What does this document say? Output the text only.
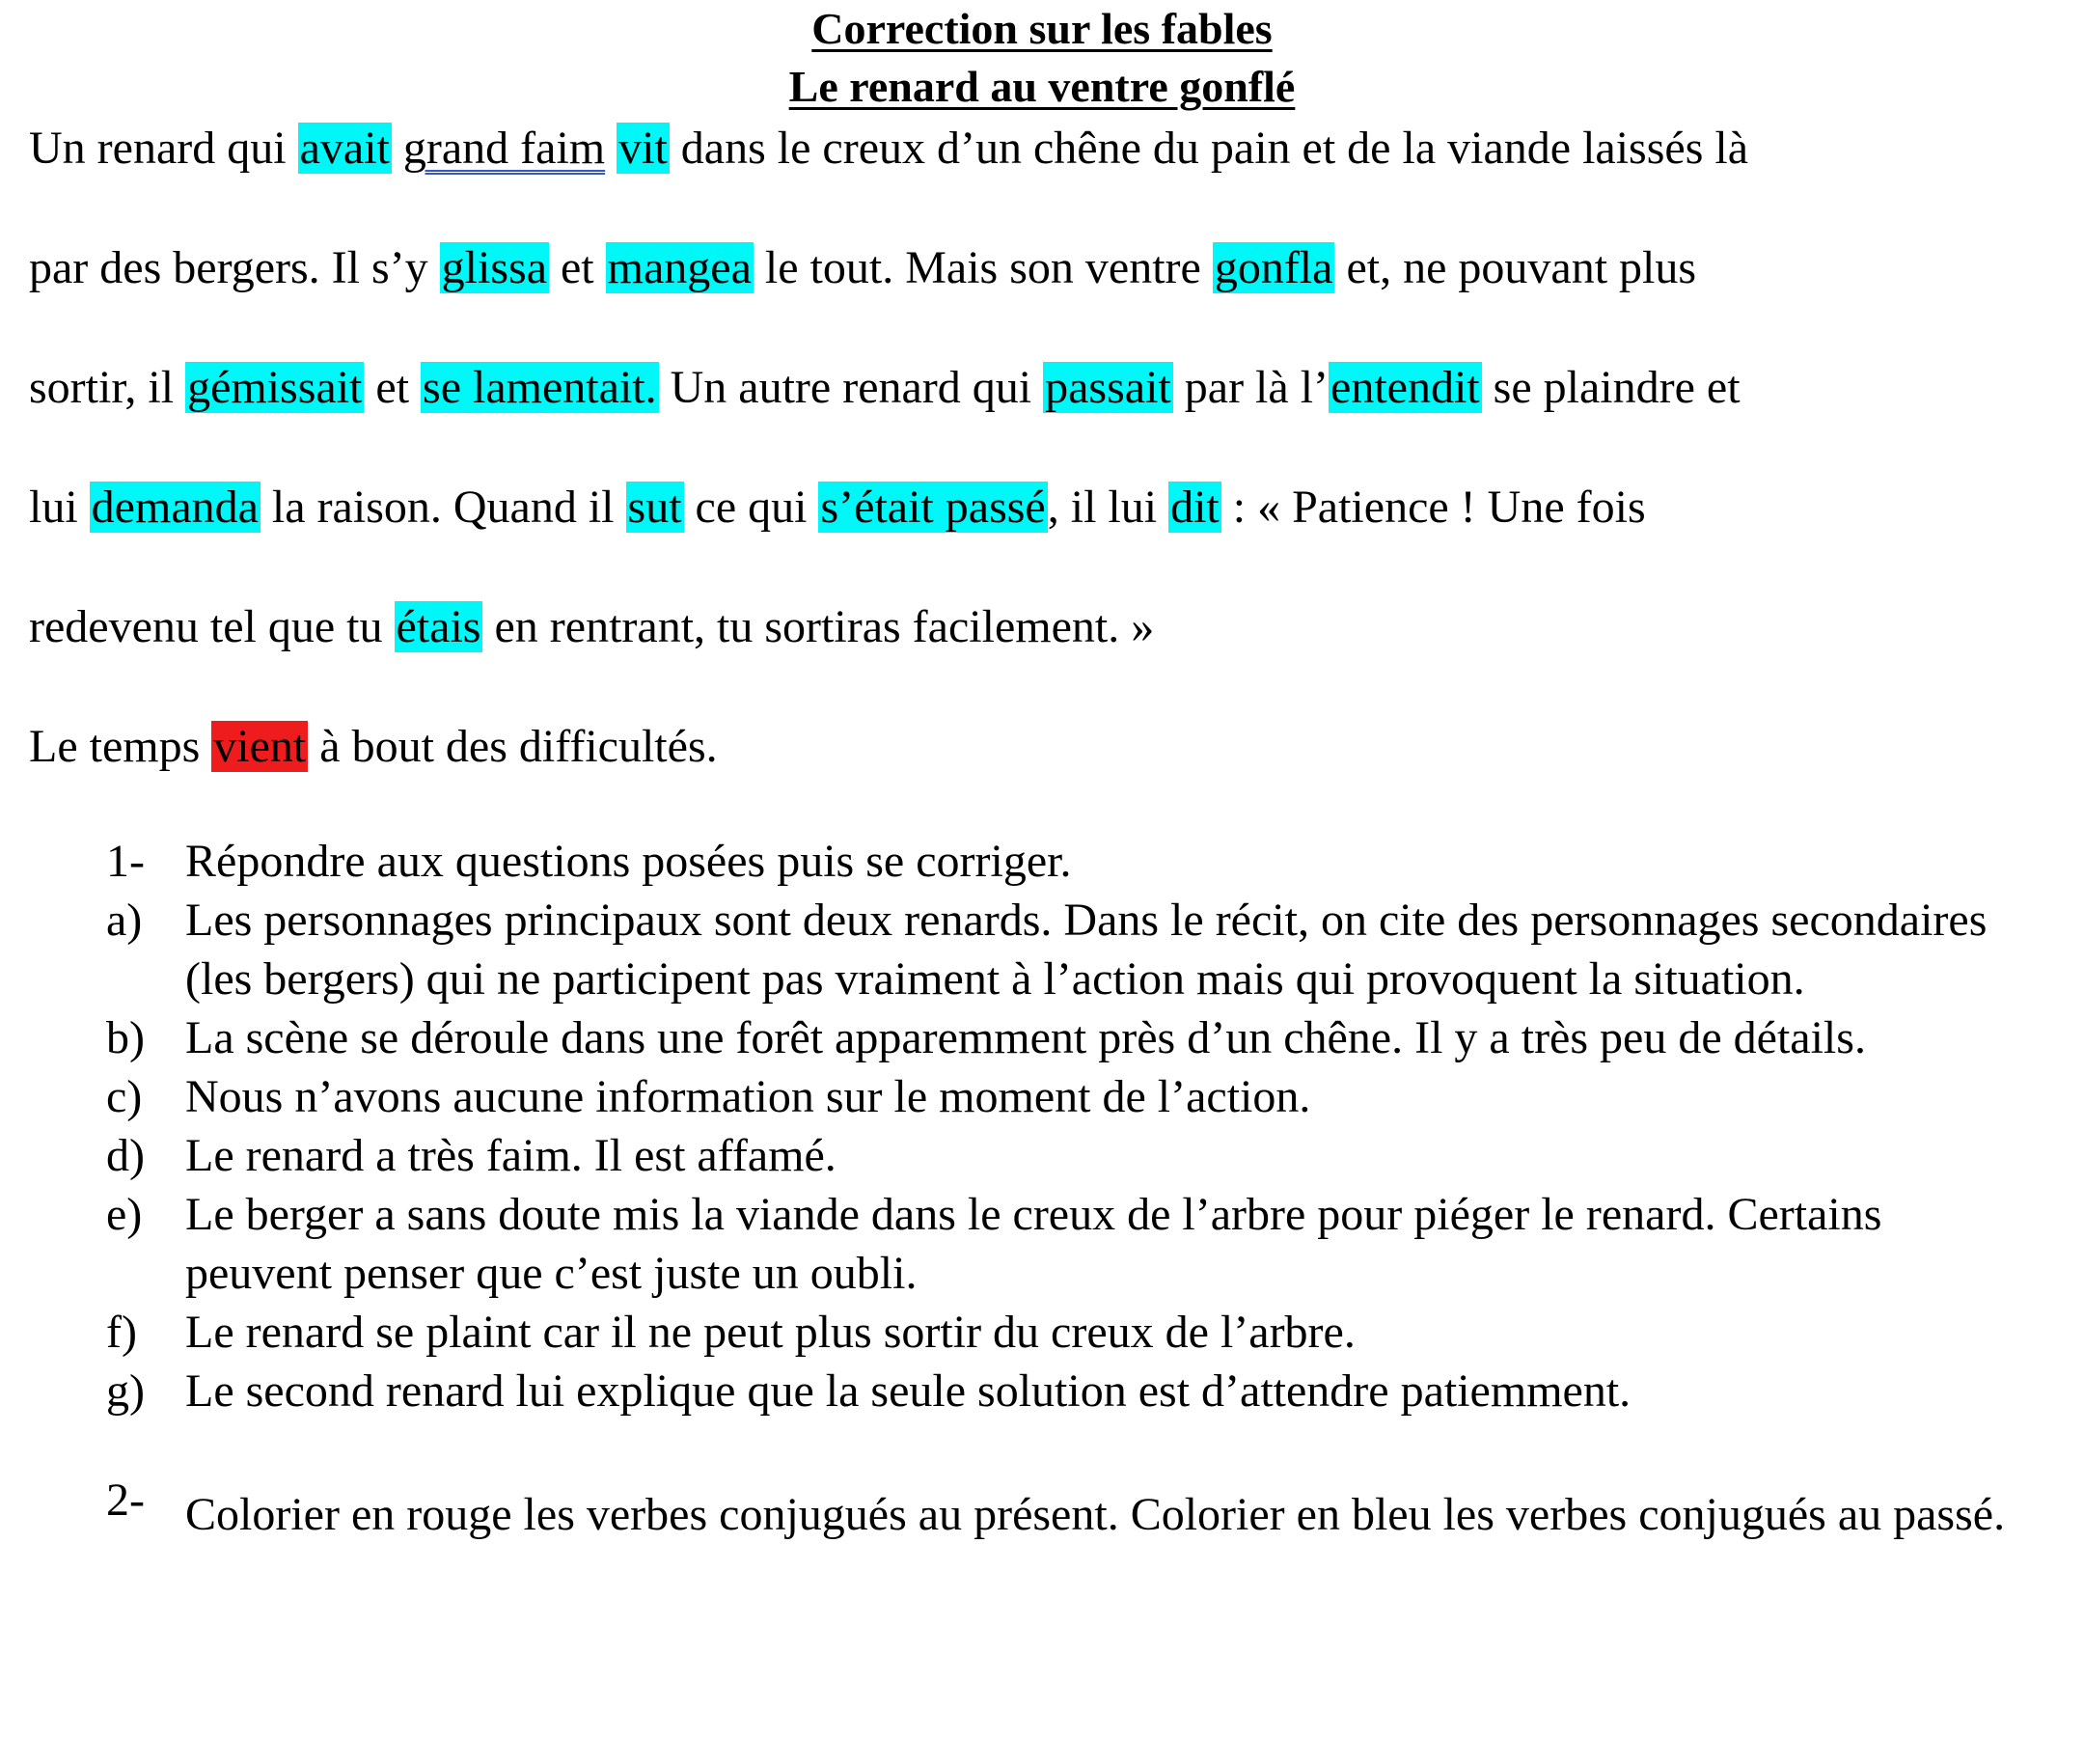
Correction sur les fables
Le renard au ventre gonflé
Un renard qui avait grand faim vit dans le creux d’un chêne du pain et de la viande laissés là
par des bergers. Il s’y glissa et mangea le tout. Mais son ventre gonfla et, ne pouvant plus
sortir, il gémissait et se lamentait. Un autre renard qui passait par là l’entendit se plaindre et
lui demanda la raison. Quand il sut ce qui s’était passé, il lui dit : « Patience ! Une fois
redevenu tel que tu étais en rentrant, tu sortiras facilement. »
Le temps vient à bout des difficultés.
1- Répondre aux questions posées puis se corriger.
a) Les personnages principaux sont deux renards. Dans le récit, on cite des personnages secondaires (les bergers) qui ne participent pas vraiment à l’action mais qui provoquent la situation.
b) La scène se déroule dans une forêt apparemment près d’un chêne. Il y a très peu de détails.
c) Nous n’avons aucune information sur le moment de l’action.
d) Le renard a très faim. Il est affamé.
e) Le berger a sans doute mis la viande dans le creux de l’arbre pour piéger le renard. Certains peuvent penser que c’est juste un oubli.
f)	Le renard se plaint car il ne peut plus sortir du creux de l’arbre.
g) Le second renard lui explique que la seule solution est d’attendre patiemment.
2- Colorier en rouge les verbes conjugués au présent. Colorier en bleu les verbes conjugués au passé.
